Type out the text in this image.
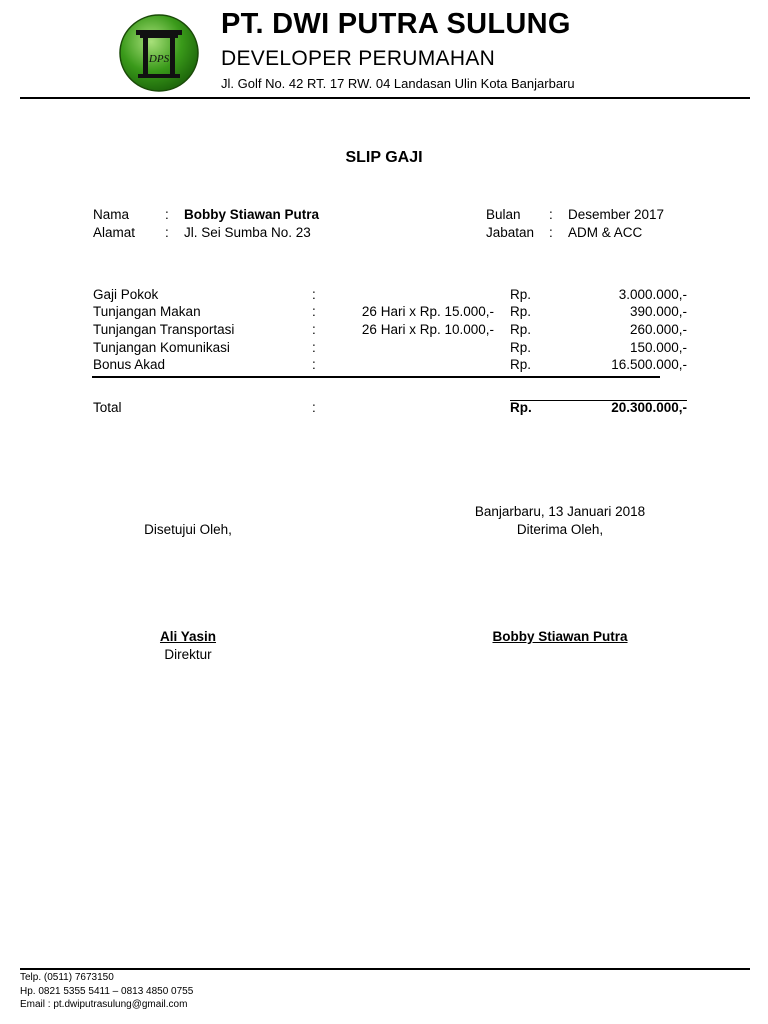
DPS
PT. DWI PUTRA SULUNG
DEVELOPER PERUMAHAN
Jl. Golf No. 42 RT. 17 RW. 04 Landasan Ulin Kota Banjarbaru
SLIP GAJI
Nama	: Bobby Stiawan Putra
Alamat : Jl. Sei Sumba No. 23
Bulan : Desember 2017
Jabatan : ADM & ACC
Gaji Pokok	:	Rp.	3.000.000,-
Tunjangan Makan	:	26 Hari x Rp. 15.000,- Rp.	390.000,-
Tunjangan Transportasi	:	26 Hari x Rp. 10.000,- Rp.	260.000,-
Tunjangan Komunikasi	:	Rp.	150.000,-
Bonus Akad	:	Rp.	16.500.000,-
Total	:	Rp.	20.300.000,-
Banjarbaru, 13 Januari 2018
Disetujui Oleh,	Diterima Oleh,
Ali Yasin
Direktur
Bobby Stiawan Putra
Telp. (0511) 7673150
Hp. 0821 5355 5411 – 0813 4850 0755
Email : pt.dwiputrasulung@gmail.com
